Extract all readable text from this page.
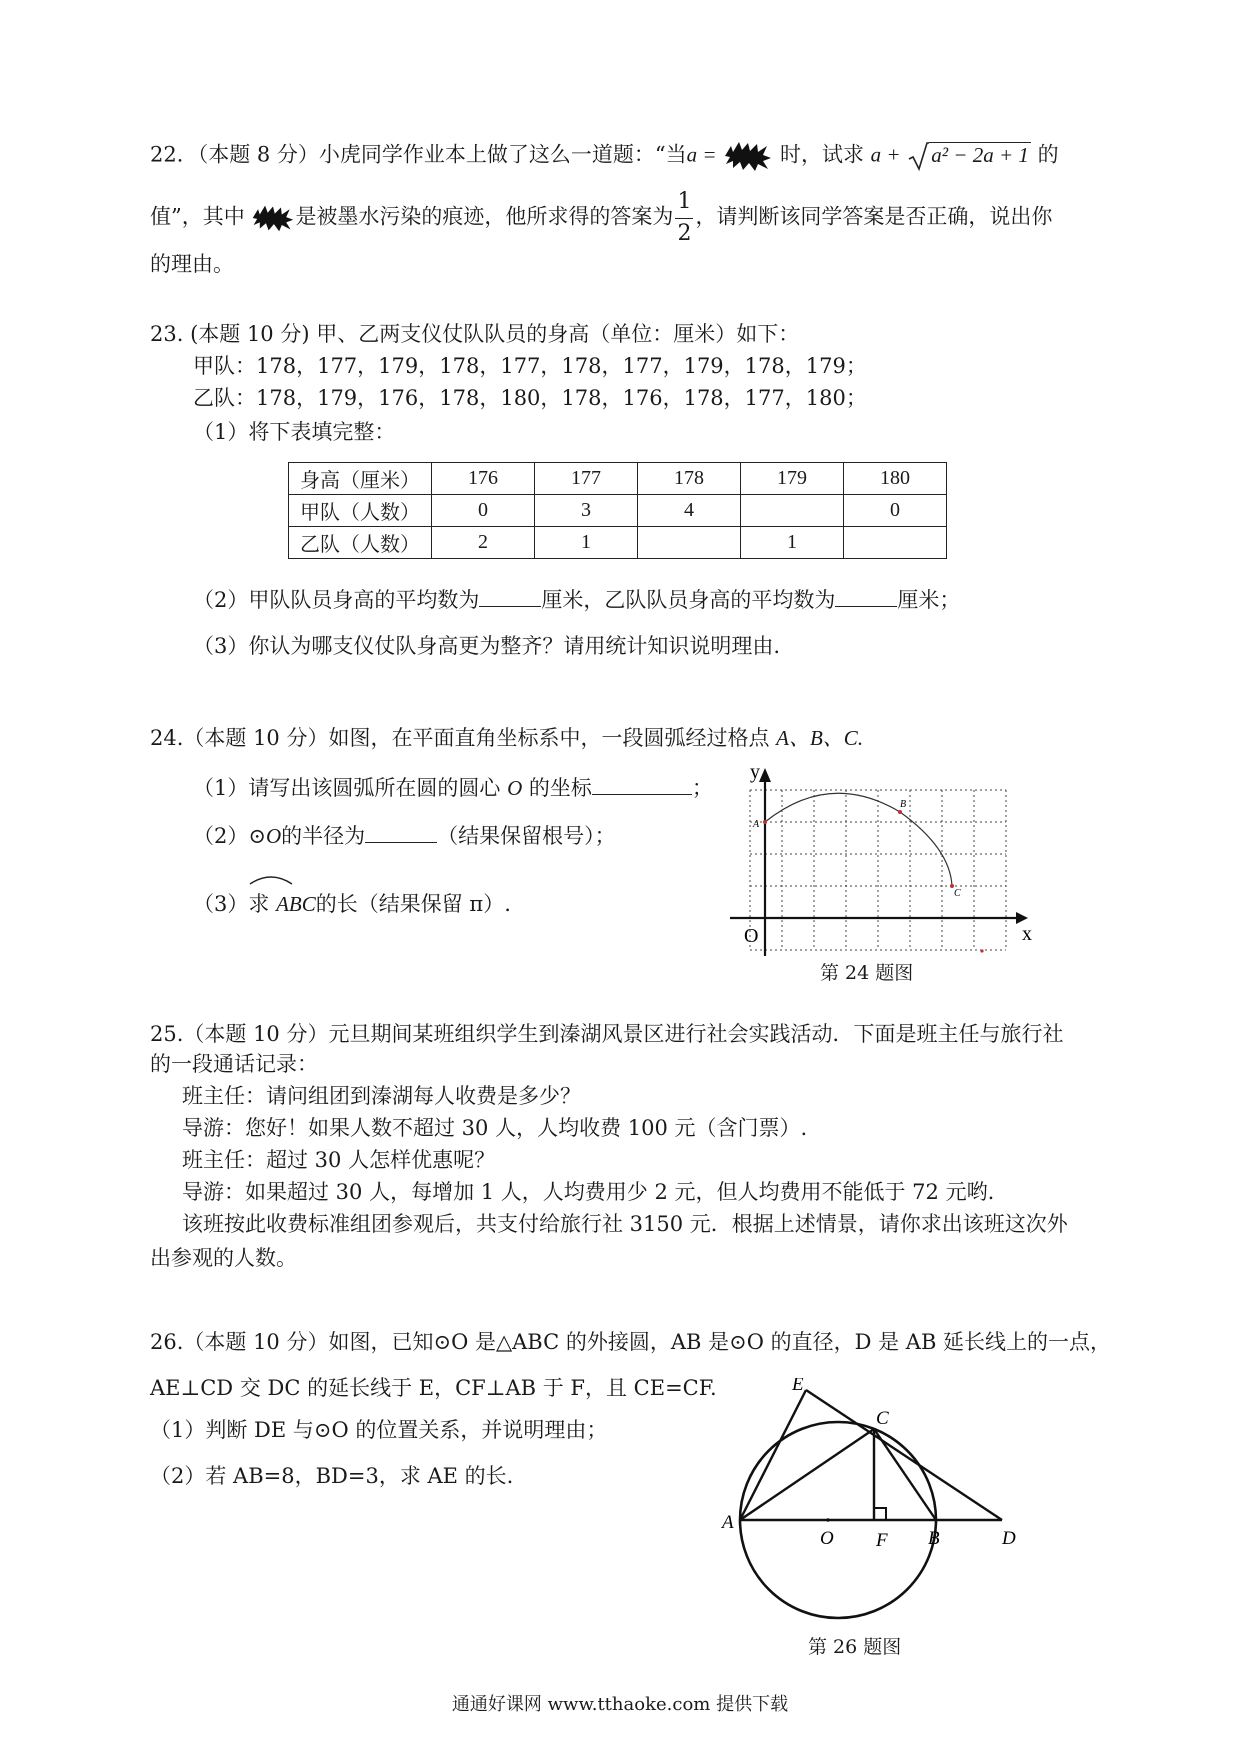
22．（本题 8 分）小虎同学作业本上做了这么一道题：“当a =	时，试求 a + a² − 2a + 1 的
值”，其中 是被墨水污染的痕迹，他所求得的答案为 $\frac{1}{2}$ ，请判断该同学答案是否正确，说出你
的理由。
23. (本题 10 分) 甲、乙两支仪仗队队员的身高（单位：厘米）如下：
甲队：178，177，179，178，177，178，177，179，178，179；
乙队：178，179，176，178，180，178，176，178，177，180；
（1）将下表填完整：
身高（厘米）	176	177	178	179	180
甲队（人数）	0	3	4		0
乙队（人数）	2	1		1	
（2）甲队队员身高的平均数为	厘米，乙队队员身高的平均数为	厘米；
（3）你认为哪支仪仗队身高更为整齐？请用统计知识说明理由.
24.（本题 10 分）如图，在平面直角坐标系中，一段圆弧经过格点 A、B、C.
（1）请写出该圆弧所在圆的圆心 O 的坐标	；
（2）⊙O的半径为	（结果保留根号）；
（3）求 ABC的长（结果保留 π）.
y
x
O
A
B
C
第 24 题图
25.（本题 10 分）元旦期间某班组织学生到溱湖风景区进行社会实践活动．下面是班主任与旅行社
的一段通话记录：
班主任：请问组团到溱湖每人收费是多少？
导游：您好！如果人数不超过 30 人，人均收费 100 元（含门票）.
班主任：超过 30 人怎样优惠呢？
导游：如果超过 30 人，每增加 1 人，人均费用少 2 元，但人均费用不能低于 72 元哟.
该班按此收费标准组团参观后，共支付给旅行社 3150 元．根据上述情景，请你求出该班这次外
出参观的人数。
26.（本题 10 分）如图，已知⊙O 是△ABC 的外接圆，AB 是⊙O 的直径，D 是 AB 延长线上的一点，
AE⊥CD 交 DC 的延长线于 E，CF⊥AB 于 F，且 CE=CF.
（1）判断 DE 与⊙O 的位置关系，并说明理由；
（2）若 AB=8，BD=3，求 AE 的长.
A
B
C
D
E
F
O
第 26 题图
通通好课网 www.tthaoke.com 提供下载
